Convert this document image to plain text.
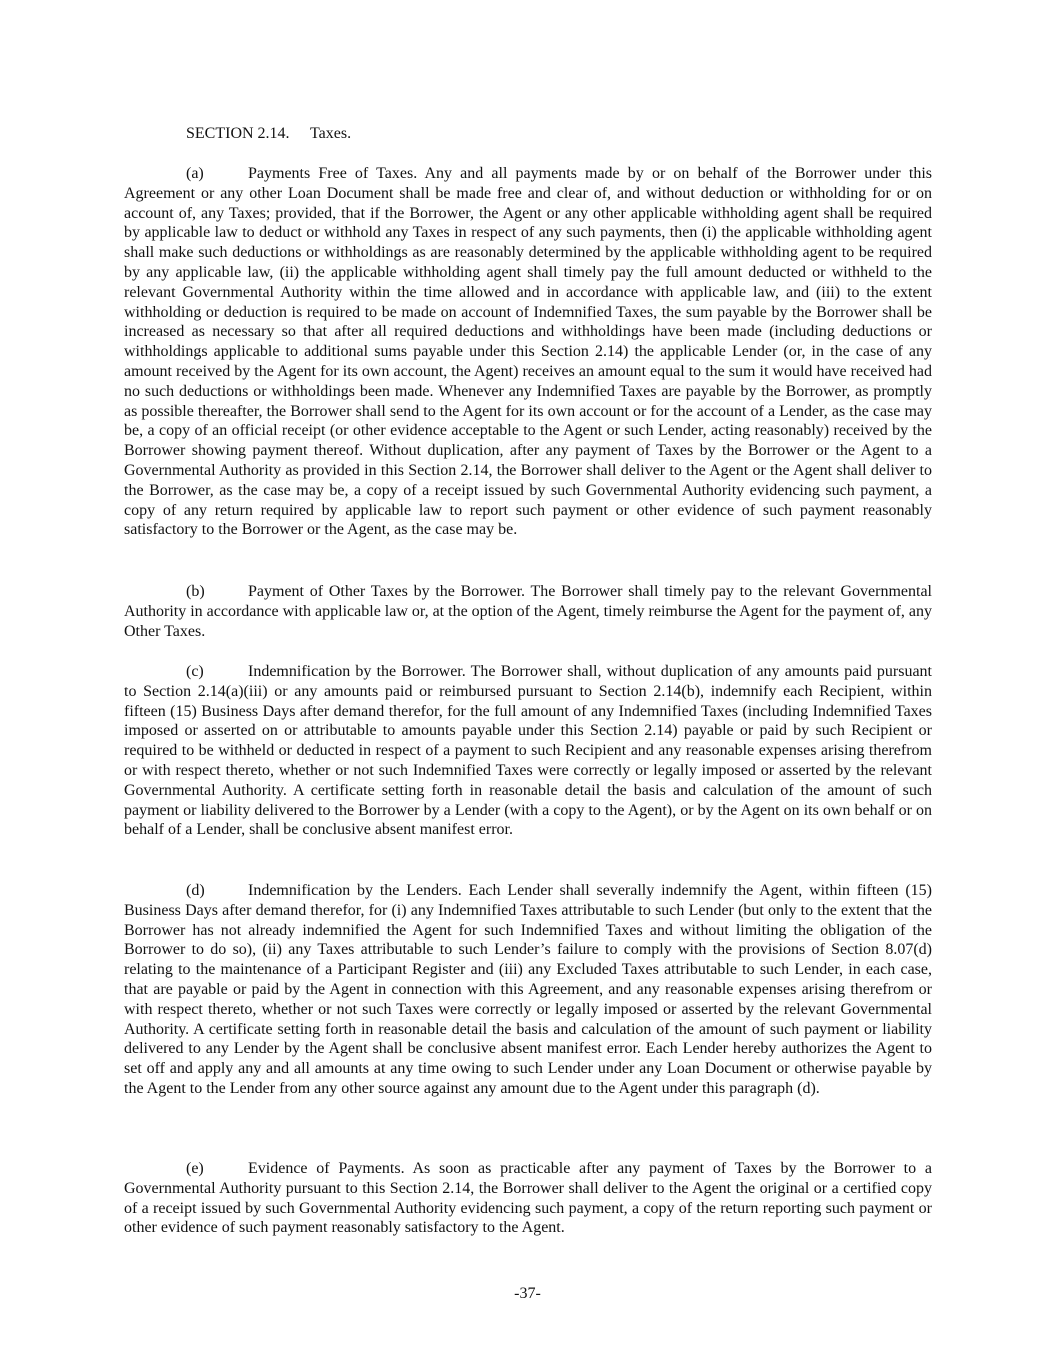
SECTION 2.14. Taxes.

(a)	Payments Free of Taxes. Any and all payments made by or on behalf of the Borrower under this Agreement or any other Loan Document shall be made free and clear of, and without deduction or withholding for or on account of, any Taxes; provided, that if the Borrower, the Agent or any other applicable withholding agent shall be required by applicable law to deduct or withhold any Taxes in respect of any such payments, then (i) the applicable withholding agent shall make such deductions or withholdings as are reasonably determined by the applicable withholding agent to be required by any applicable law, (ii) the applicable withholding agent shall timely pay the full amount deducted or withheld to the relevant Governmental Authority within the time allowed and in accordance with applicable law, and (iii) to the extent withholding or deduction is required to be made on account of Indemnified Taxes, the sum payable by the Borrower shall be increased as necessary so that after all required deductions and withholdings have been made (including deductions or withholdings applicable to additional sums payable under this Section 2.14) the applicable Lender (or, in the case of any amount received by the Agent for its own account, the Agent) receives an amount equal to the sum it would have received had no such deductions or withholdings been made. Whenever any Indemnified Taxes are payable by the Borrower, as promptly as possible thereafter, the Borrower shall send to the Agent for its own account or for the account of a Lender, as the case may be, a copy of an official receipt (or other evidence acceptable to the Agent or such Lender, acting reasonably) received by the Borrower showing payment thereof. Without duplication, after any payment of Taxes by the Borrower or the Agent to a Governmental Authority as provided in this Section 2.14, the Borrower shall deliver to the Agent or the Agent shall deliver to the Borrower, as the case may be, a copy of a receipt issued by such Governmental Authority evidencing such payment, a copy of any return required by applicable law to report such payment or other evidence of such payment reasonably satisfactory to the Borrower or the Agent, as the case may be.

(b)	Payment of Other Taxes by the Borrower. The Borrower shall timely pay to the relevant Governmental Authority in accordance with applicable law or, at the option of the Agent, timely reimburse the Agent for the payment of, any Other Taxes.

(c)	Indemnification by the Borrower. The Borrower shall, without duplication of any amounts paid pursuant to Section 2.14(a)(iii) or any amounts paid or reimbursed pursuant to Section 2.14(b), indemnify each Recipient, within fifteen (15) Business Days after demand therefor, for the full amount of any Indemnified Taxes (including Indemnified Taxes imposed or asserted on or attributable to amounts payable under this Section 2.14) payable or paid by such Recipient or required to be withheld or deducted in respect of a payment to such Recipient and any reasonable expenses arising therefrom or with respect thereto, whether or not such Indemnified Taxes were correctly or legally imposed or asserted by the relevant Governmental Authority. A certificate setting forth in reasonable detail the basis and calculation of the amount of such payment or liability delivered to the Borrower by a Lender (with a copy to the Agent), or by the Agent on its own behalf or on behalf of a Lender, shall be conclusive absent manifest error.

(d)	Indemnification by the Lenders. Each Lender shall severally indemnify the Agent, within fifteen (15) Business Days after demand therefor, for (i) any Indemnified Taxes attributable to such Lender (but only to the extent that the Borrower has not already indemnified the Agent for such Indemnified Taxes and without limiting the obligation of the Borrower to do so), (ii) any Taxes attributable to such Lender’s failure to comply with the provisions of Section 8.07(d) relating to the maintenance of a Participant Register and (iii) any Excluded Taxes attributable to such Lender, in each case, that are payable or paid by the Agent in connection with this Agreement, and any reasonable expenses arising therefrom or with respect thereto, whether or not such Taxes were correctly or legally imposed or asserted by the relevant Governmental Authority. A certificate setting forth in reasonable detail the basis and calculation of the amount of such payment or liability delivered to any Lender by the Agent shall be conclusive absent manifest error. Each Lender hereby authorizes the Agent to set off and apply any and all amounts at any time owing to such Lender under any Loan Document or otherwise payable by the Agent to the Lender from any other source against any amount due to the Agent under this paragraph (d).

(e)	Evidence of Payments. As soon as practicable after any payment of Taxes by the Borrower to a Governmental Authority pursuant to this Section 2.14, the Borrower shall deliver to the Agent the original or a certified copy of a receipt issued by such Governmental Authority evidencing such payment, a copy of the return reporting such payment or other evidence of such payment reasonably satisfactory to the Agent.

-37-
